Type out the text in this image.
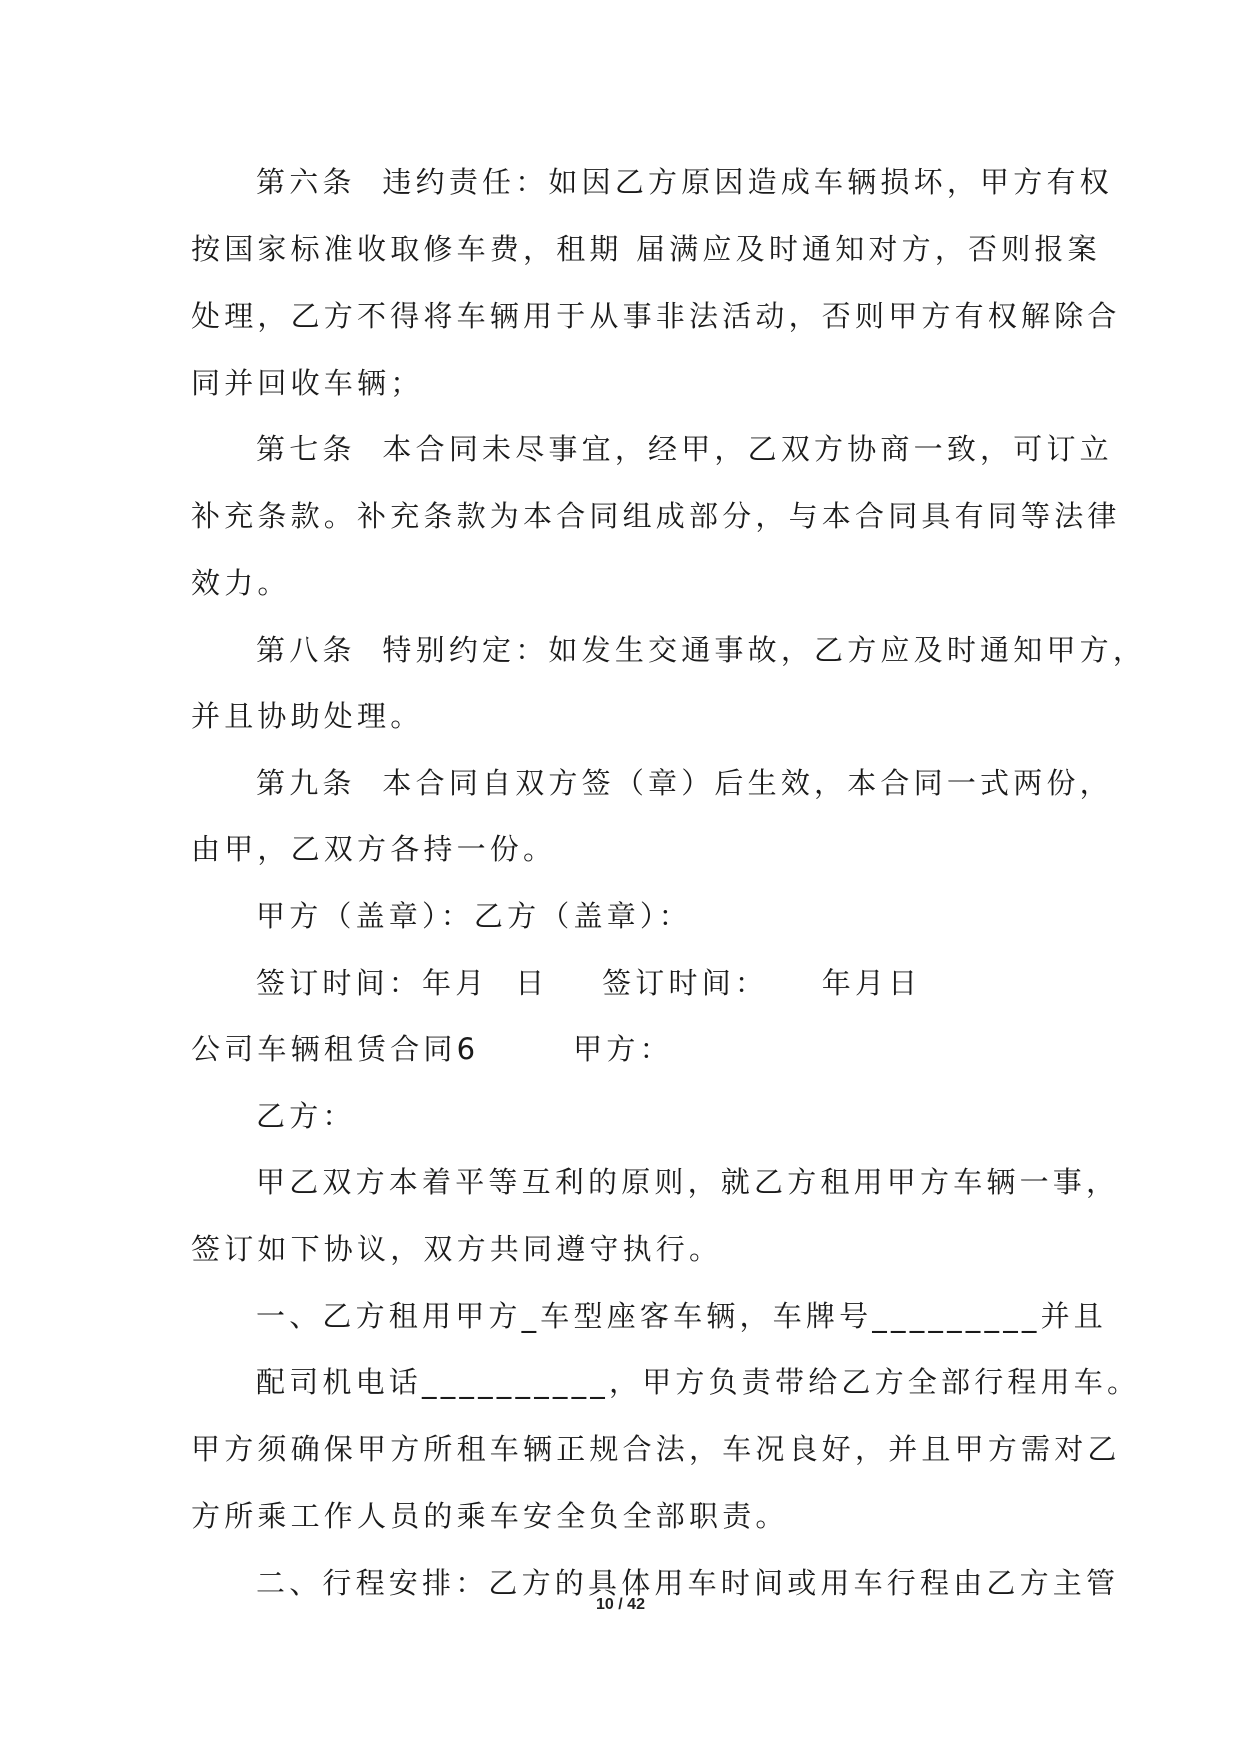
第六条  违约责任：如因乙方原因造成车辆损坏，甲方有权
按国家标准收取修车费，租期 届满应及时通知对方，否则报案
处理，乙方不得将车辆用于从事非法活动，否则甲方有权解除合
同并回收车辆；
第七条  本合同未尽事宜，经甲，乙双方协商一致，可订立
补充条款。补充条款为本合同组成部分，与本合同具有同等法律
效力。
第八条  特别约定：如发生交通事故，乙方应及时通知甲方，
并且协助处理。
第九条  本合同自双方签（章）后生效，本合同一式两份，
由甲，乙双方各持一份。
甲方（盖章）：乙方（盖章）：
签订时间：年月  日    签订时间：    年月日
公司车辆租赁合同6       甲方：
乙方：
甲乙双方本着平等互利的原则，就乙方租用甲方车辆一事，
签订如下协议，双方共同遵守执行。
一、乙方租用甲方_车型座客车辆，车牌号_________并且
配司机电话__________，甲方负责带给乙方全部行程用车。
甲方须确保甲方所租车辆正规合法，车况良好，并且甲方需对乙
方所乘工作人员的乘车安全负全部职责。
二、行程安排：乙方的具体用车时间或用车行程由乙方主管
10 / 42
